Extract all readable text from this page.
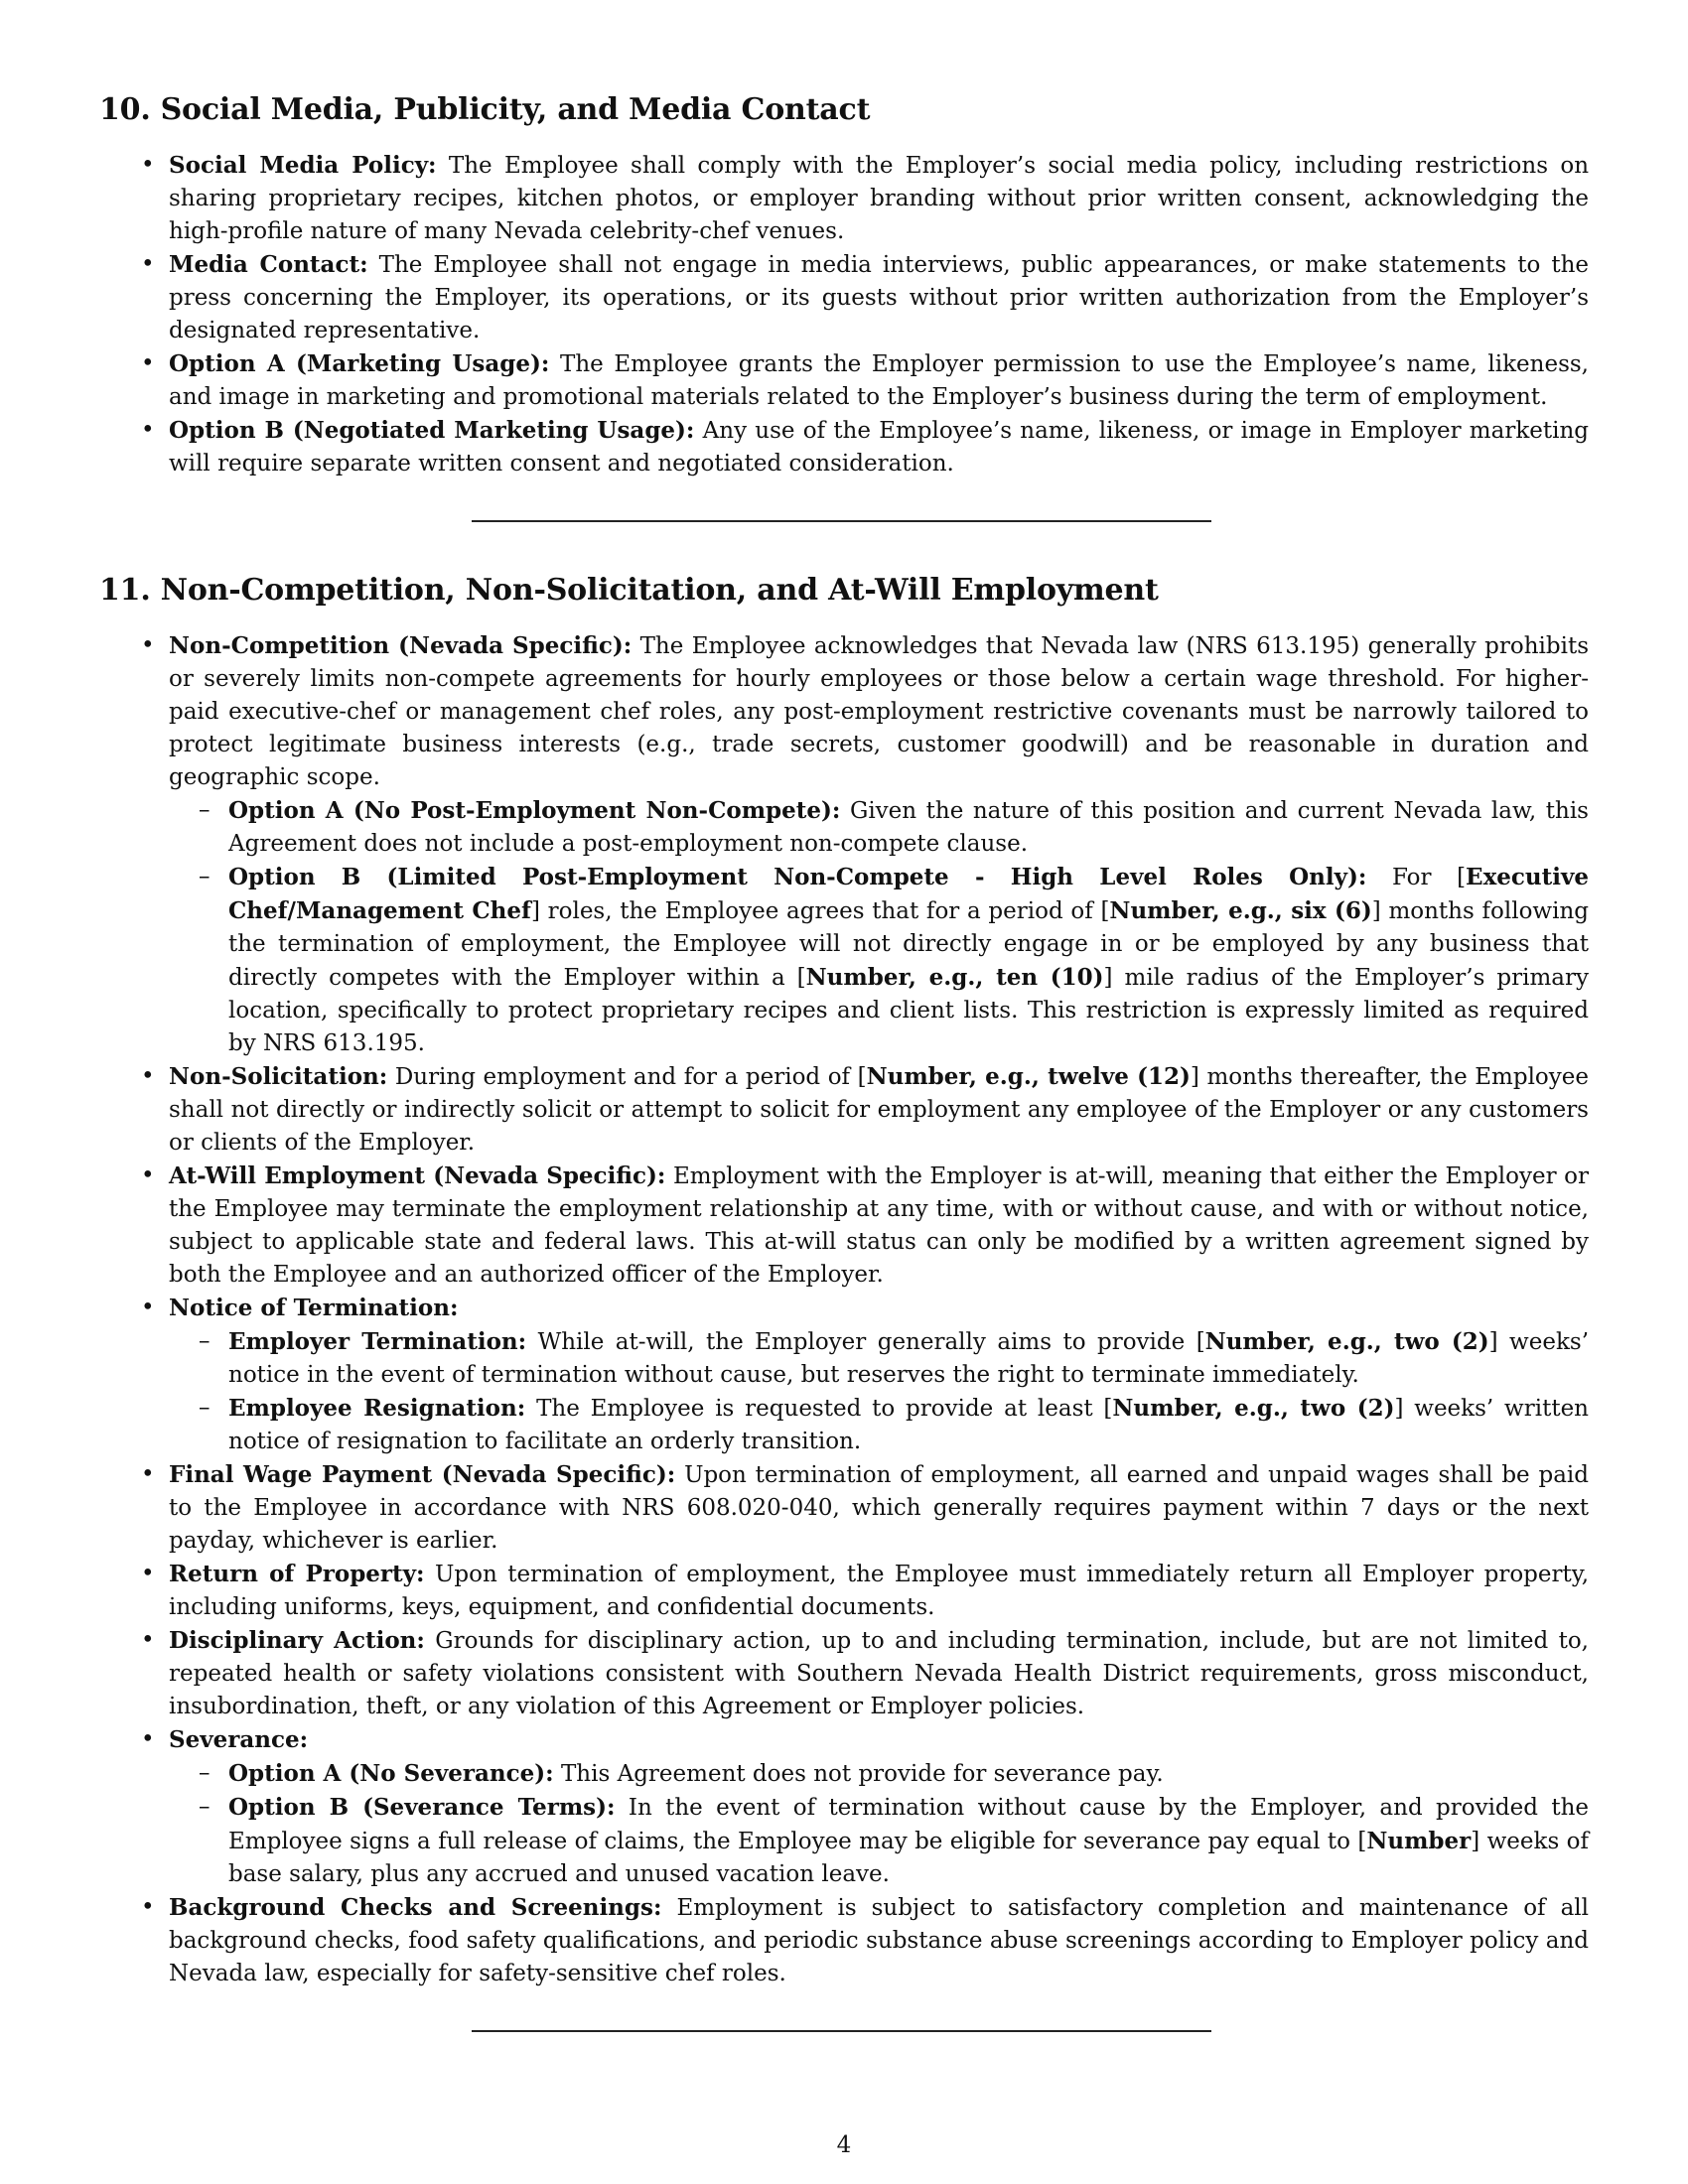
10. Social Media, Publicity, and Media Contact
• Social Media Policy: The Employee shall comply with the Employer’s social media policy, including restrictions on sharing proprietary recipes, kitchen photos, or employer branding without prior written consent, acknowledging the high-profile nature of many Nevada celebrity-chef venues.
• Media Contact: The Employee shall not engage in media interviews, public appearances, or make statements to the press concerning the Employer, its operations, or its guests without prior written authorization from the Employer’s designated representative.
• Option A (Marketing Usage): The Employee grants the Employer permission to use the Employee’s name, likeness, and image in marketing and promotional materials related to the Employer’s business during the term of employment.
• Option B (Negotiated Marketing Usage): Any use of the Employee’s name, likeness, or image in Employer marketing will require separate written consent and negotiated consideration.
11. Non-Competition, Non-Solicitation, and At-Will Employment
• Non-Competition (Nevada Specific): The Employee acknowledges that Nevada law (NRS 613.195) generally prohibits or severely limits non-compete agreements for hourly employees or those below a certain wage threshold. For higher-paid executive-chef or management chef roles, any post-employment restrictive covenants must be narrowly tailored to protect legitimate business interests (e.g., trade secrets, customer goodwill) and be reasonable in duration and geographic scope.
– Option A (No Post-Employment Non-Compete): Given the nature of this position and current Nevada law, this Agreement does not include a post-employment non-compete clause.
– Option B (Limited Post-Employment Non-Compete - High Level Roles Only): For [Executive Chef/Management Chef] roles, the Employee agrees that for a period of [Number, e.g., six (6)] months following the termination of employment, the Employee will not directly engage in or be employed by any business that directly competes with the Employer within a [Number, e.g., ten (10)] mile radius of the Employer’s primary location, specifically to protect proprietary recipes and client lists. This restriction is expressly limited as required by NRS 613.195.
• Non-Solicitation: During employment and for a period of [Number, e.g., twelve (12)] months thereafter, the Employee shall not directly or indirectly solicit or attempt to solicit for employment any employee of the Employer or any customers or clients of the Employer.
• At-Will Employment (Nevada Specific): Employment with the Employer is at-will, meaning that either the Employer or the Employee may terminate the employment relationship at any time, with or without cause, and with or without notice, subject to applicable state and federal laws. This at-will status can only be modified by a written agreement signed by both the Employee and an authorized officer of the Employer.
• Notice of Termination:
– Employer Termination: While at-will, the Employer generally aims to provide [Number, e.g., two (2)] weeks’ notice in the event of termination without cause, but reserves the right to terminate immediately.
– Employee Resignation: The Employee is requested to provide at least [Number, e.g., two (2)] weeks’ written notice of resignation to facilitate an orderly transition.
• Final Wage Payment (Nevada Specific): Upon termination of employment, all earned and unpaid wages shall be paid to the Employee in accordance with NRS 608.020-040, which generally requires payment within 7 days or the next payday, whichever is earlier.
• Return of Property: Upon termination of employment, the Employee must immediately return all Employer property, including uniforms, keys, equipment, and confidential documents.
• Disciplinary Action: Grounds for disciplinary action, up to and including termination, include, but are not limited to, repeated health or safety violations consistent with Southern Nevada Health District requirements, gross misconduct, insubordination, theft, or any violation of this Agreement or Employer policies.
• Severance:
– Option A (No Severance): This Agreement does not provide for severance pay.
– Option B (Severance Terms): In the event of termination without cause by the Employer, and provided the Employee signs a full release of claims, the Employee may be eligible for severance pay equal to [Number] weeks of base salary, plus any accrued and unused vacation leave.
• Background Checks and Screenings: Employment is subject to satisfactory completion and maintenance of all background checks, food safety qualifications, and periodic substance abuse screenings according to Employer policy and Nevada law, especially for safety-sensitive chef roles.
4
